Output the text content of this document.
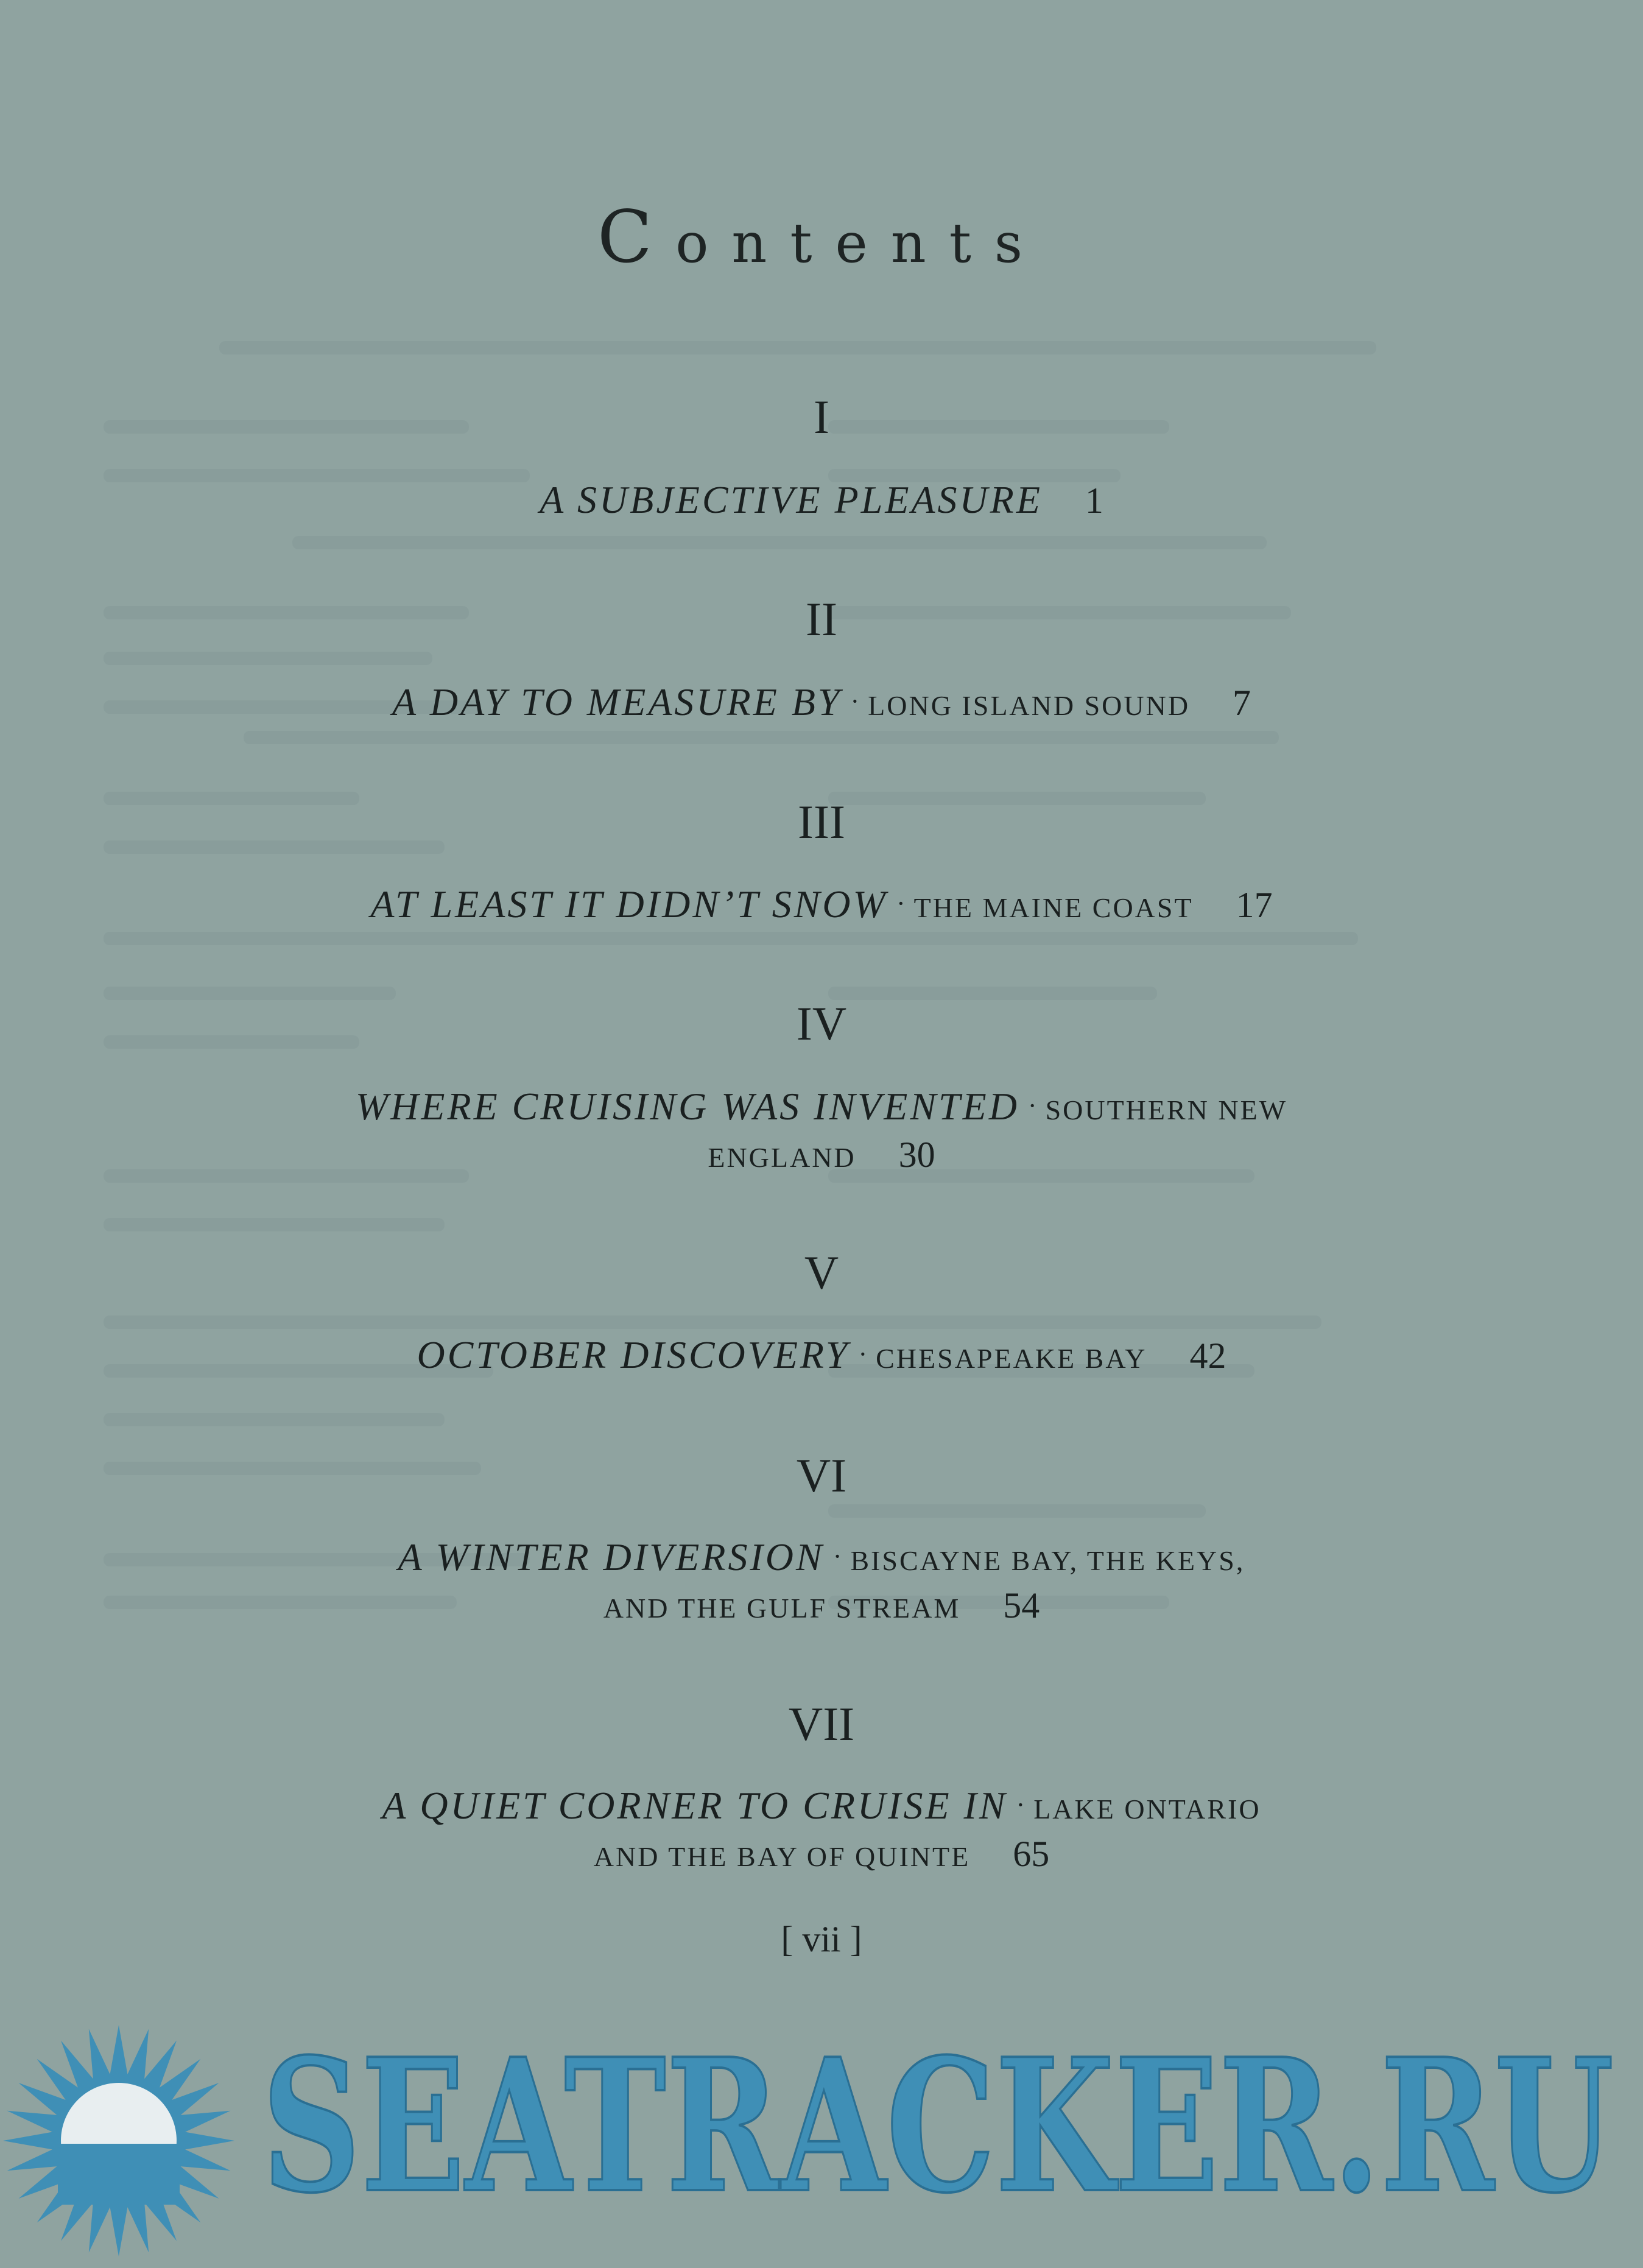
Contents
I
A SUBJECTIVE PLEASURE 1
II
A DAY TO MEASURE BY · LONG ISLAND SOUND 7
III
AT LEAST IT DIDN’T SNOW · THE MAINE COAST 17
IV
WHERE CRUISING WAS INVENTED · SOUTHERN NEW
ENGLAND 30
V
OCTOBER DISCOVERY · CHESAPEAKE BAY 42
VI
A WINTER DIVERSION · BISCAYNE BAY, THE KEYS,
AND THE GULF STREAM 54
VII
A QUIET CORNER TO CRUISE IN · LAKE ONTARIO
AND THE BAY OF QUINTE 65
[ vii ]
SEATRACKER.RU
